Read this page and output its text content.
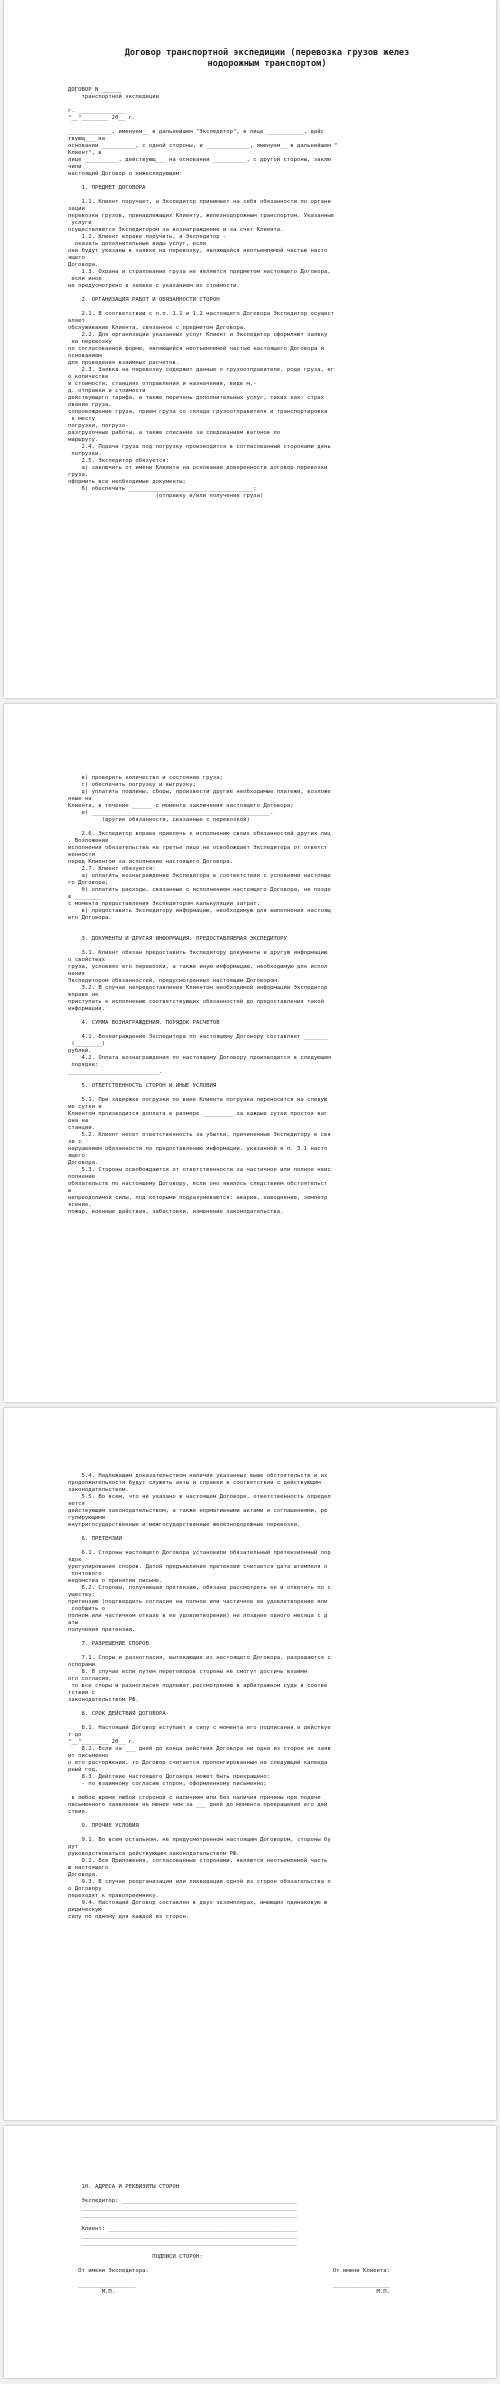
Договор транспортной экспедиции (перевозка грузов желез
нодорожным транспортом)
ДОГОВОР N ______
транспортной экспедиции
г. ______________
"__"________ 20__ г.
_____________, именуем__ в дальнейшем "Экспедитор", в лице ___________, дейс
твующ___ на
основании __________, с одной стороны, и _____________, именуем__ в дальнейшем "
Клиент", в
лице __________, действующ___ на основании __________, с другой стороны, заклю
чили
настоящий Договор о нижеследующем:
1. ПРЕДМЕТ ДОГОВОРА
1.1. Клиент поручает, а Экспедитор принимает на себя обязанности по органи
зации
перевозки грузов, принадлежащих Клиенту, железнодорожным транспортом. Указанные
услуги
осуществляются Экспедитором за вознаграждение и за счет Клиента.
1.2. Клиент вправе поручить, а Экспедитор -
оказать дополнительные виды услуг, если
они будут указаны в заявке на перевозку, являющейся неотъемлемой частью насто
ящего
Договора.
1.3. Охрана и страхование груза не являются предметом настоящего Договора,
если иное
не предусмотрено в заявке с указанием их стоимости.
2. ОРГАНИЗАЦИЯ РАБОТ И ОБЯЗАННОСТИ СТОРОН
2.1. В соответствии с п.п. 1.1 и 1.2 настоящего Договора Экспедитор осущест
вляет
обслуживание Клиента, связанное с предметом Договора.
2.2. Для организации указанных услуг Клиент и Экспедитор оформляют заявку
на перевозку
по согласованной форме, являющейся неотъемлемой частью настоящего Договора и
основанием
для проведения взаимных расчетов.
2.3. Заявка на перевозку содержит данные о грузоотправителе, роде груза, ег
о количестве
и стоимости, станциях отправления и назначения, виде м.-
д. отправки и стоимости
действующего тарифа, а также перечень дополнительных услуг, таких как: страх
ование груза,
сопровождение груза, прием груза со склада грузоотправителя и транспортировка
к месту
погрузки, погрузо-
разгрузочные работы, а также списание за следованием вагонов по
маршруту.
2.4. Подача груза под погрузку производится в согласованный сторонами день
погрузки.
2.5. Экспедитор обязуется:
а) заключить от имени Клиента на основании доверенности договор перевозки
груза,
оформить все необходимые документы;
б) обеспечить _____________________________________;
(отправку и/или получение груза)
в) проверить количество и состояние груза;
г) обеспечить погрузку и выгрузку;
д) уплатить пошлины, сборы, произвести другие необходимые платежи, возложе
нные на
Клиента, в течение ______ с момента заключения настоящего Договора;
е) _____________________________________________________.
(другие обязанности, связанные с перевозкой)
2.6. Экспедитор вправе привлечь к исполнению своих обязанностей других лиц
. Возложение
исполнения обязательства на третье лицо не освобождает Экспедитора от ответст
венности
перед Клиентом за исполнение настоящего Договора.
2.7. Клиент обязуется:
а) оплатить вознаграждение Экспедитора в соответствии с условиями настояще
го Договора;
б) оплатить расходы, связанные с исполнением настоящего Договора, не позде
е ________
с момента предоставления Экспедитором калькуляции затрат;
в) предоставить Экспедитору информацию, необходимую для выполнения настоящ
его Договора.
3. ДОКУМЕНТЫ И ДРУГАЯ ИНФОРМАЦИЯ, ПРЕДОСТАВЛЯЕМАЯ ЭКСПЕДИТОРУ
3.1. Клиент обязан предоставить Экспедитору документы и другую информацию
о свойствах
груза, условиях его перевозки, а также иную информацию, необходимую для испол
нения
Экспедитором обязанностей, предусмотренных настоящим Договором.
3.2. В случае непредоставления Клиентом необходимой информации Экспедитор
вправе не
приступать к исполнению соответствующих обязанностей до предоставления такой
информации.
4. СУММА ВОЗНАГРАЖДЕНИЯ. ПОРЯДОК РАСЧЕТОВ
4.1. Вознаграждение Экспедитора по настоящему Договору составляет _______
(________)
рублей.
4.2. Оплата вознаграждения по настоящему Договору производится в следующем
порядке:
___________________________.
5. ОТВЕТСТВЕННОСТЬ СТОРОН И ИНЫЕ УСЛОВИЯ
5.1. При задержке погрузки по вине Клиента погрузка переносится на следую
ие сутки и
Клиентом производится доплата в размере _________ за каждые сутки простоя ваг
она на
станции.
5.2. Клиент несет ответственность за убытки, причиненные Экспедитору в свя
зи с
нарушением обязанности по предоставлению информации, указанной в п. 3.1 насто
ящего
Договора.
5.3. Стороны освобождаются от ответственности за частичное или полное неис
полнение
обязательств по настоящему Договору, если оно явилось следствием обстоятельст
в
непреодолимой силы, под которыми подразумеваются: аварии, наводнение, землетр
ясение,
пожар, военные действия, забастовки, изменение законодательства.
5.4. Надлежащим доказательством наличия указанных выше обстоятельств и их
продолжительности будут служить акты и справки в соответствии с действующим
законодательством.
5.5. Во всем, что не указано в настоящем Договоре, ответственность определ
яется
действующим законодательством, а также нормативными актами и соглашениями, ре
гулирующими
внутригосударственные и межгосударственные железнодорожные перевозки.
6. ПРЕТЕНЗИИ
6.1. Стороны настоящего Договора установили обязательный претензионный пор
ядок
урегулирования споров. Датой предъявления претензии считается дата штемпеля о
почтового
ведомства о принятии письма.
6.2. Стороны, получившая претензию, обязана рассмотреть ее и ответить по с
уществу:
претензию (подтвердить согласие на полное или частичное ее удовлетворение или
сообщить о
полном или частичном отказе в ее удовлетворении) не позднее одного месяца с д
аты
получения претензии.
7. РАЗРЕШЕНИЕ СПОРОВ
7.1. Споры и разногласия, вытекающие из настоящего Договора, разрешаются с
оспорами
8. В случае если путем переговоров стороны не смогут достичь взаимн
ого согласия,
то все споры и разногласия подлежат рассмотрению в арбитражном суде в соотве
тствии с
законодательством РФ.
8. СРОК ДЕЙСТВИЯ ДОГОВОРА
8.1. Настоящий Договор вступает в силу с момента его подписания и действуе
т до
"__"________ 20__ г.
8.2. Если за ___ дней до конца действия Договора ни одна из сторон не заяв
ит письменно
о его расторжении, то Договор считается пролонгированным на следующий календа
рный год.
8.3. Действие настоящего Договора может быть прекращено:
- по взаимному согласию сторон, оформленному письменно;
в любое время любой стороной с наличием или без наличия причины при подаче
письменного заявления не менее чем за ___ дней до момента прекращения его дей
ствия.
9. ПРОЧИЕ УСЛОВИЯ
9.1. Во всем остальном, не предусмотренном настоящим Договором, стороны бу
дут
руководствоваться действующим законодательством РФ.
9.2. Все Приложения, согласованные сторонами, являются неотъемлемой часть
ю настоящего
Договора.
9.3. В случае реорганизации или ликвидации одной из сторон обязательства п
о Договору
переходят к правопреемнику.
9.4. Настоящий Договор составлен в двух экземплярах, имеющих одинаковую ю
ридическую
силу по одному для каждой из сторон.
10. АДРЕСА И РЕКВИЗИТЫ СТОРОН
Экспедитор: ____________________________________________________
________________________________________________________________
________________________________________________________________
Клиент: ________________________________________________________
________________________________________________________________
________________________________________________________________
ПОДПИСИ СТОРОН:
От имени Экспедитора:	От имени Клиента:
_________________	_________________
М.П.	М.П.
